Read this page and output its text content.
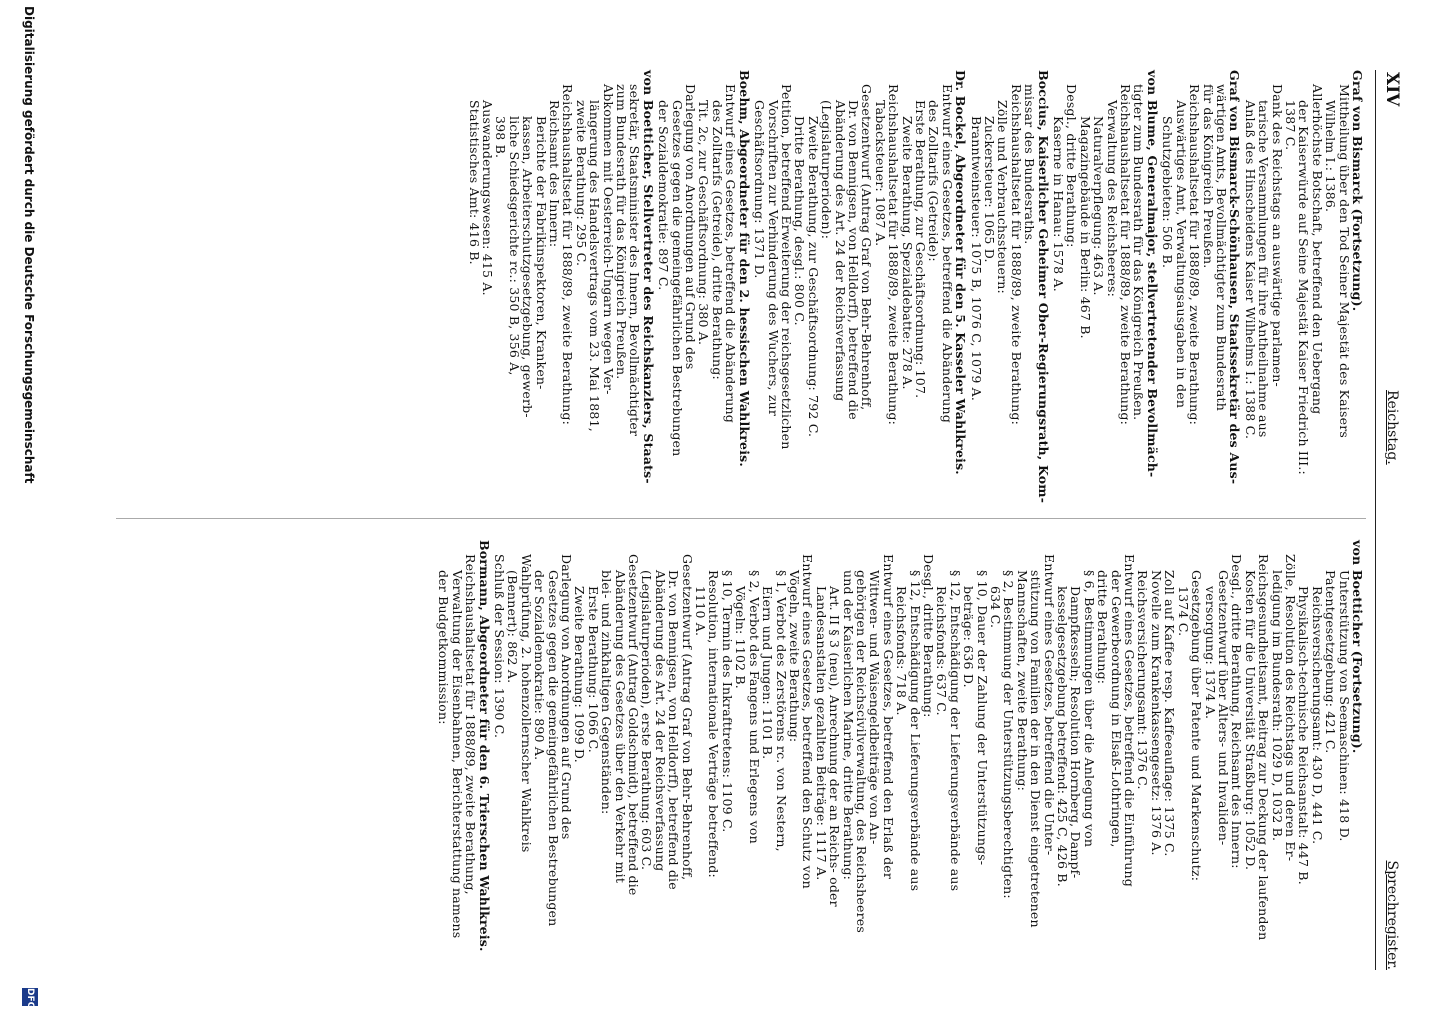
XIV
Reichstag.
Sprechregister.
Graf von Bismarck (Fortsetzung).
Mittheilung über den Tod Seiner Majestät des Kaisers
Wilhelm I.: 1386.
Allerhöchste Botschaft, betreffend den Uebergang
der Kaiserwürde auf Seine Majestät Kaiser Friedrich III.:
1387 C.
Dank des Reichstags an auswärtige parlamen-
tarische Versammlungen für ihre Antheilnahme aus
Anlaß des Hinscheidens Kaiser Wilhelms I.: 1388 C.
Graf von Bismarck-Schönhausen, Staatssekretär des Aus-
wärtigen Amts, Bevollmächtigter zum Bundesrath
für das Königreich Preußen.
Reichshaushaltsetat für 1888/89, zweite Berathung:
Auswärtiges Amt, Verwaltungsausgaben in den
Schutzgebieten: 506 B.
von Blume, Generalmajor, stellvertretender Bevollmäch-
tigter zum Bundesrath für das Königreich Preußen.
Reichshaushaltsetat für 1888/89, zweite Berathung:
Verwaltung des Reichsheeres:
Naturalverpflegung: 463 A.
Magazingebäude in Berlin: 467 B.
Desgl., dritte Berathung:
Kaserne in Hanau: 1578 A.
Boccius, Kaiserlicher Geheimer Ober-Regierungsrath, Kom-
missar des Bundesraths.
Reichshaushaltsetat für 1888/89, zweite Berathung:
Zölle und Verbrauchssteuern:
Zuckersteuer: 1065 D.
Branntweinsteuer: 1075 B, 1076 C, 1079 A.
Dr. Bockel, Abgeordneter für den 5. Kasseler Wahlkreis.
Entwurf eines Gesetzes, betreffend die Abänderung
des Zolltarifs (Getreide):
Erste Berathung, zur Geschäftsordnung: 107.
Zweite Berathung, Spezialdebatte: 278 A.
Reichshaushaltsetat für 1888/89, zweite Berathung:
Tabacksteuer: 1087 A.
Gesetzentwurf (Antrag Graf von Behr-Behrenhoff,
Dr. von Bennigsen, von Helldorff), betreffend die
Abänderung des Art. 24 der Reichsverfassung
(Legislaturperioden):
Zweite Berathung, zur Geschäftsordnung: 792 C.
Dritte Berathung, desgl.: 800 C.
Petition, betreffend Erweiterung der reichsgesetzlichen
Vorschriften zur Verhinderung des Wuchers, zur
Geschäftsordnung: 1371 D.
Boehm, Abgeordneter für den 2. hessischen Wahlkreis.
Entwurf eines Gesetzes, betreffend die Abänderung
des Zolltarifs (Getreide), dritte Berathung:
Tit. 2c, zur Geschäftsordnung: 380 A.
Darlegung von Anordnungen auf Grund des
Gesetzes gegen die gemeingefährlichen Bestrebungen
der Sozialdemokratie: 897 C.
von Boetticher, Stellvertreter des Reichskanzlers, Staats-
sekretär, Staatsminister des Innern, Bevollmächtigter
zum Bundesrath für das Königreich Preußen.
Abkommen mit Oesterreich-Ungarn wegen Ver-
längerung des Handelsvertrags vom 23. Mai 1881,
zweite Berathung: 295 C.
Reichshaushaltsetat für 1888/89, zweite Berathung:
Reichsamt des Innern:
Berichte der Fabrikinspektoren, Kranken-
kassen, Arbeiterschutzgesetzgebung, gewerb-
liche Schiedsgerichte rc.: 350 B, 356 A,
398 B.
Auswanderungswesen: 415 A.
Statistisches Amt: 416 B.
von Boetticher (Fortsetzung).
Unterstützung von Seemaschinen: 418 D.
Patentgesetzgebung: 421 C.
Reichsversicherungsamt: 430 D, 441 C.
Physikalisch-technische Reichsanstalt: 447 B.
Zölle, Resolution des Reichstags und deren Er-
ledigung im Bundesrath: 1029 D, 1032 B.
Reichsgesundheitsamt, Beitrag zur Deckung der laufenden
Kosten für die Universität Straßburg: 1052 D.
Desgl., dritte Berathung, Reichsamt des Innern:
Gesetzentwurf über Alters- und Invaliden-
versorgung: 1374 A.
Gesetzgebung über Patente und Markenschutz:
1374 C.
Zoll auf Kaffee resp. Kaffeeauflage: 1375 C.
Novelle zum Krankenkassengesetz: 1376 A.
Reichsversicherungsamt: 1376 C.
Entwurf eines Gesetzes, betreffend die Einführung
der Gewerbeordnung in Elsaß-Lothringen,
dritte Berathung:
§ 6, Bestimmungen über die Anlegung von
Dampfkesseln; Resolution Hornberg, Dampf-
kesselgesetzgebung betreffend: 425 C, 426 B.
Entwurf eines Gesetzes, betreffend die Unter-
stützung von Familien der in den Dienst eingetretenen
Mannschaften, zweite Berathung:
§ 2, Bestimmung der Unterstützungsberechtigten:
634 C.
§ 10, Dauer der Zahlung der Unterstützungs-
beträge: 636 D.
§ 12, Entschädigung der Lieferungsverbände aus
Reichsfonds: 637 C.
Desgl., dritte Berathung:
§ 12, Entschädigung der Lieferungsverbände aus
Reichsfonds: 718 A.
Entwurf eines Gesetzes, betreffend den Erlaß der
Wittwen- und Waisengeldbeiträge von An-
gehörigen der Reichscivilverwaltung, des Reichsheeres
und der Kaiserlichen Marine, dritte Berathung:
Art. II § 3 (neu), Anrechnung der an Reichs- oder
Landesanstalten gezahlten Beiträge: 1117 A.
Entwurf eines Gesetzes, betreffend den Schutz von
Vögeln, zweite Berathung:
§ 1, Verbot des Zerstörens rc. von Nestern,
Eiern und Jungen: 1101 B.
§ 2, Verbot des Fangens und Erlegens von
Vögeln: 1102 B.
§ 10, Termin des Inkrafttretens: 1109 C.
Resolution, internationale Verträge betreffend:
1110 A.
Gesetzentwurf (Antrag Graf von Behr-Behrenhoff,
Dr. von Bennigsen, von Helldorff), betreffend die
Abänderung des Art. 24 der Reichsverfassung
(Legislaturperioden), erste Berathung: 603 C.
Gesetzentwurf (Antrag Goldschmidt), betreffend die
Abänderung des Gesetzes über den Verkehr mit
blei- und zinkhaltigen Gegenständen:
Erste Berathung: 1066 C.
Zweite Berathung: 1099 D.
Darlegung von Anordnungen auf Grund des
Gesetzes gegen die gemeingefährlichen Bestrebungen
der Sozialdemokratie: 890 A.
Wahlprüfung, 2. hohenzollernscher Wahlkreis
(Bennert): 862 A.
Schluß der Session: 1390 C.
Bormann, Abgeordneter für den 6. Trierschen Wahlkreis.
Reichshaushaltsetat für 1888/89, zweite Berathung,
Verwaltung der Eisenbahnen, Berichterstattung namens
der Budgetkommission:
Digitalisierung gefördert durch die Deutsche Forschungsgemeinschaft
DFG
